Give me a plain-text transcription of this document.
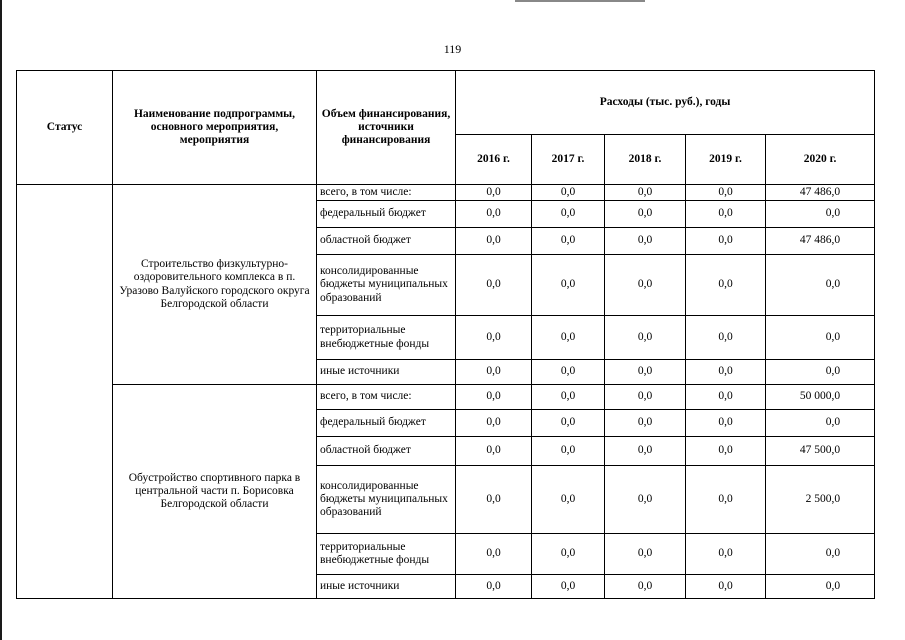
119
Статус	Наименование подпрограммы, основного мероприятия, мероприятия	Объем финансирования, источники финансирования	Расходы (тыс. руб.), годы				
			2016 г.	2017 г.	2018 г.	2019 г.	2020 г.
	Строительство физкультурно-оздоровительного комплекса в п. Уразово Валуйского городского округа Белгородской области	всего, в том числе:	0,0	0,0	0,0	0,0	47 486,0
		федеральный бюджет	0,0	0,0	0,0	0,0	0,0
		областной бюджет	0,0	0,0	0,0	0,0	47 486,0
		консолидированные бюджеты муниципальных образований	0,0	0,0	0,0	0,0	0,0
		территориальные внебюджетные фонды	0,0	0,0	0,0	0,0	0,0
		иные источники	0,0	0,0	0,0	0,0	0,0
	Обустройство спортивного парка в центральной части п. Борисовка Белгородской области	всего, в том числе:	0,0	0,0	0,0	0,0	50 000,0
		федеральный бюджет	0,0	0,0	0,0	0,0	0,0
		областной бюджет	0,0	0,0	0,0	0,0	47 500,0
		консолидированные бюджеты муниципальных образований	0,0	0,0	0,0	0,0	2 500,0
		территориальные внебюджетные фонды	0,0	0,0	0,0	0,0	0,0
		иные источники	0,0	0,0	0,0	0,0	0,0
